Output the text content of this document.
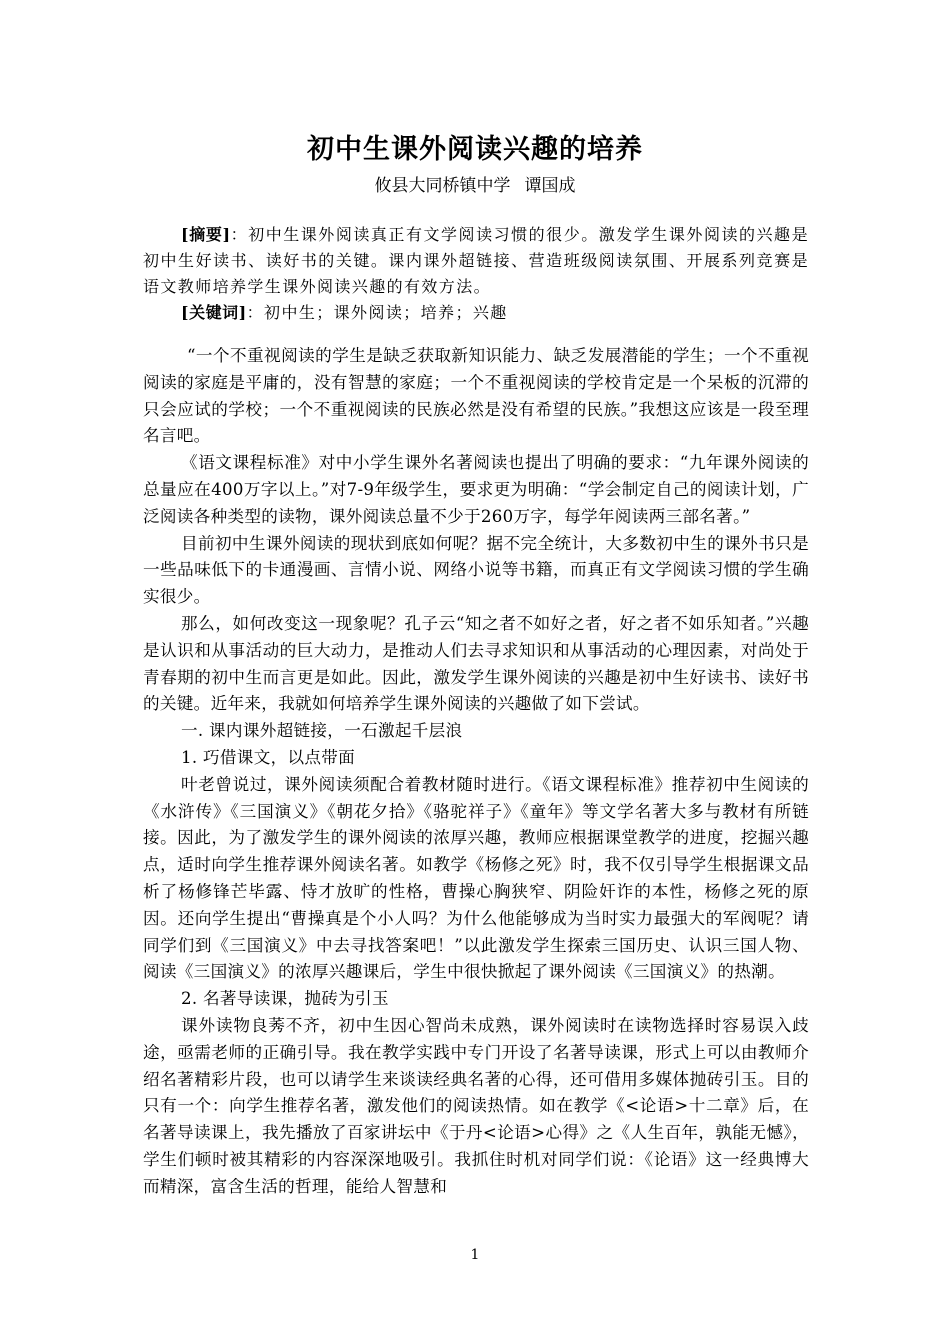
初中生课外阅读兴趣的培养
攸县大同桥镇中学 谭国成

[摘要]：初中生课外阅读真正有文学阅读习惯的很少。激发学生课外阅读的兴趣是初中生好读书、读好书的关键。课内课外超链接、营造班级阅读氛围、开展系列竞赛是语文教师培养学生课外阅读兴趣的有效方法。

[关键词]：初中生；课外阅读；培养；兴趣

“一个不重视阅读的学生是缺乏获取新知识能力、缺乏发展潜能的学生；一个不重视阅读的家庭是平庸的，没有智慧的家庭；一个不重视阅读的学校肯定是一个呆板的沉滞的只会应试的学校；一个不重视阅读的民族必然是没有希望的民族。”我想这应该是一段至理名言吧。

《语文课程标准》对中小学生课外名著阅读也提出了明确的要求：“九年课外阅读的总量应在400万字以上。”对7-9年级学生，要求更为明确：“学会制定自己的阅读计划，广泛阅读各种类型的读物，课外阅读总量不少于260万字，每学年阅读两三部名著。”

目前初中生课外阅读的现状到底如何呢？据不完全统计，大多数初中生的课外书只是一些品味低下的卡通漫画、言情小说、网络小说等书籍，而真正有文学阅读习惯的学生确实很少。

那么，如何改变这一现象呢？孔子云“知之者不如好之者，好之者不如乐知者。”兴趣是认识和从事活动的巨大动力，是推动人们去寻求知识和从事活动的心理因素，对尚处于青春期的初中生而言更是如此。因此，激发学生课外阅读的兴趣是初中生好读书、读好书的关键。近年来，我就如何培养学生课外阅读的兴趣做了如下尝试。

一. 课内课外超链接，一石激起千层浪

1. 巧借课文，以点带面

叶老曾说过，课外阅读须配合着教材随时进行。《语文课程标准》推荐初中生阅读的《水浒传》《三国演义》《朝花夕拾》《骆驼祥子》《童年》等文学名著大多与教材有所链接。因此，为了激发学生的课外阅读的浓厚兴趣，教师应根据课堂教学的进度，挖掘兴趣点，适时向学生推荐课外阅读名著。如教学《杨修之死》时，我不仅引导学生根据课文品析了杨修锋芒毕露、恃才放旷的性格，曹操心胸狭窄、阴险奸诈的本性，杨修之死的原因。还向学生提出“曹操真是个小人吗？为什么他能够成为当时实力最强大的军阀呢？请同学们到《三国演义》中去寻找答案吧！”以此激发学生探索三国历史、认识三国人物、阅读《三国演义》的浓厚兴趣课后，学生中很快掀起了课外阅读《三国演义》的热潮。

2. 名著导读课，抛砖为引玉

课外读物良莠不齐，初中生因心智尚未成熟，课外阅读时在读物选择时容易误入歧途，亟需老师的正确引导。我在教学实践中专门开设了名著导读课，形式上可以由教师介绍名著精彩片段，也可以请学生来谈读经典名著的心得，还可借用多媒体抛砖引玉。目的只有一个：向学生推荐名著，激发他们的阅读热情。如在教学《<论语>十二章》后，在名著导读课上，我先播放了百家讲坛中《于丹<论语>心得》之《人生百年，孰能无憾》，学生们顿时被其精彩的内容深深地吸引。我抓住时机对同学们说：《论语》这一经典博大而精深，富含生活的哲理，能给人智慧和

1
